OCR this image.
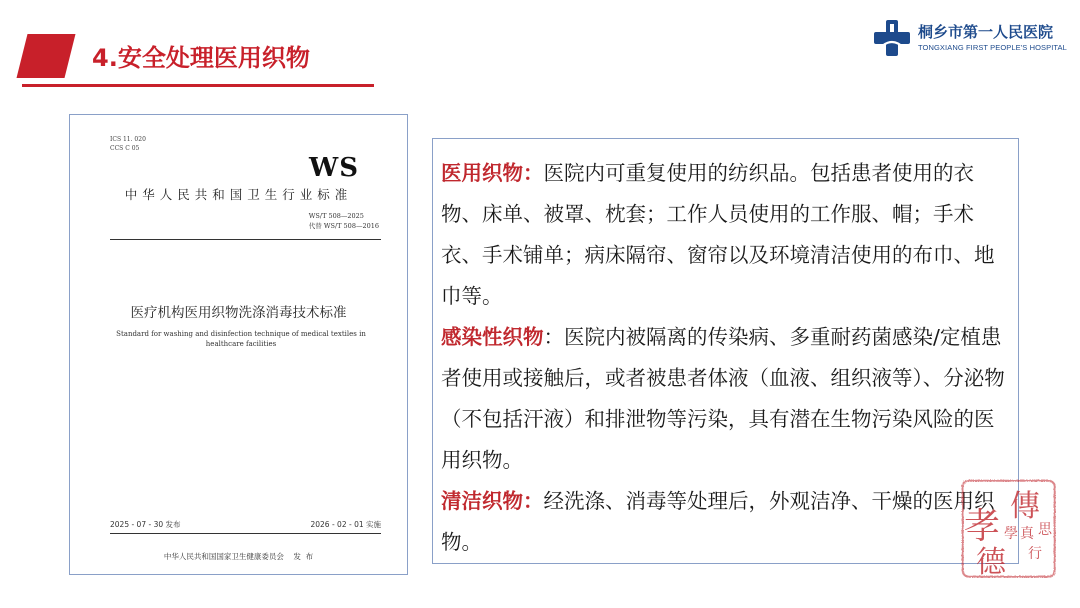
4.安全处理医用织物
桐乡市第一人民医院
TONGXIANG FIRST PEOPLE'S HOSPITAL
ICS 11. 020
CCS C 05
WS
中华人民共和国卫生行业标准
WS/T 508—2025
代替 WS/T 508—2016
医疗机构医用织物洗涤消毒技术标准
Standard for washing and disinfection technique of medical textiles in healthcare facilities
2025 - 07 - 30 发布	2026 - 02 - 01 实施
中华人民共和国国家卫生健康委员会    发  布

医用织物：医院内可重复使用的纺织品。包括患者使用的衣物、床单、被罩、枕套；工作人员使用的工作服、帽；手术衣、手术铺单；病床隔帘、窗帘以及环境清洁使用的布巾、地巾等。

感染性织物：医院内被隔离的传染病、多重耐药菌感染/定植患者使用或接触后，或者被患者体液（血液、组织液等）、分泌物（不包括汗液）和排泄物等污染，具有潜在生物污染风险的医用织物。

清洁织物：经洗涤、消毒等处理后，外观洁净、干燥的医用织物。	孝
德
傳
學 真 思
行
